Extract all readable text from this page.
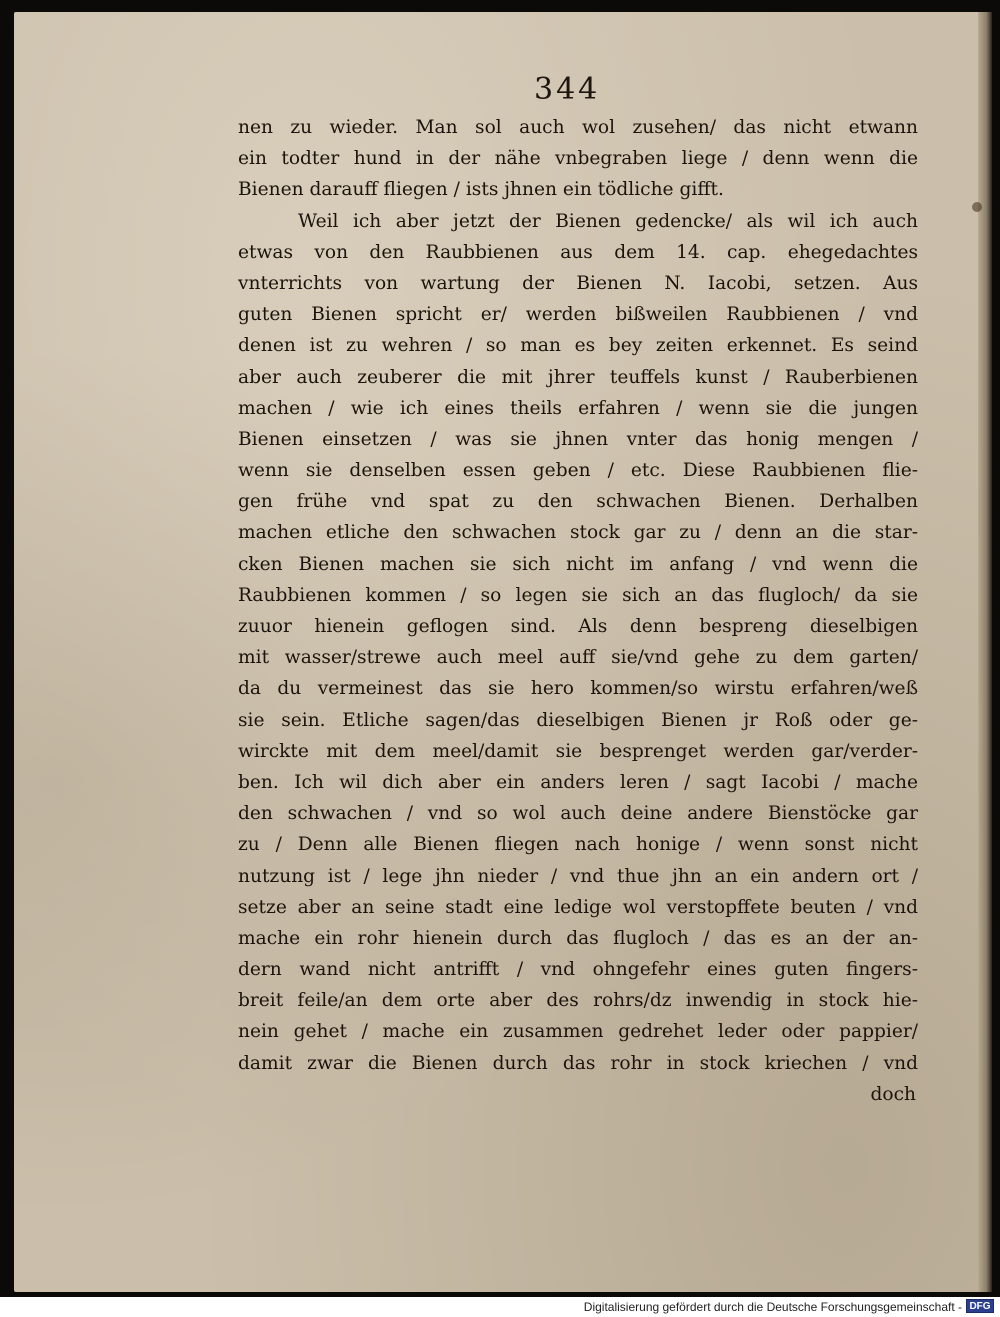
344
nen zu wieder. Man sol auch wol zusehen/ das nicht etwann
ein todter hund in der nähe vnbegraben liege / denn wenn die
Bienen darauff fliegen / ists jhnen ein tödliche gifft.
Weil ich aber jetzt der Bienen gedencke/ als wil ich auch
etwas von den Raubbienen aus dem 14. cap. ehegedachtes
vnterrichts von wartung der Bienen N. Iacobi, setzen. Aus
guten Bienen spricht er/ werden bißweilen Raubbienen / vnd
denen ist zu wehren / so man es bey zeiten erkennet. Es seind
aber auch zeuberer die mit jhrer teuffels kunst / Rauberbienen
machen / wie ich eines theils erfahren / wenn sie die jungen
Bienen einsetzen / was sie jhnen vnter das honig mengen /
wenn sie denselben essen geben / etc. Diese Raubbienen flie-
gen frühe vnd spat zu den schwachen Bienen. Derhalben
machen etliche den schwachen stock gar zu / denn an die star-
cken Bienen machen sie sich nicht im anfang / vnd wenn die
Raubbienen kommen / so legen sie sich an das flugloch/ da sie
zuuor hienein geflogen sind. Als denn bespreng dieselbigen
mit wasser/strewe auch meel auff sie/vnd gehe zu dem garten/
da du vermeinest das sie hero kommen/so wirstu erfahren/weß
sie sein. Etliche sagen/das dieselbigen Bienen jr Roß oder ge-
wirckte mit dem meel/damit sie besprenget werden gar/verder-
ben. Ich wil dich aber ein anders leren / sagt Iacobi / mache
den schwachen / vnd so wol auch deine andere Bienstöcke gar
zu / Denn alle Bienen fliegen nach honige / wenn sonst nicht
nutzung ist / lege jhn nieder / vnd thue jhn an ein andern ort /
setze aber an seine stadt eine ledige wol verstopffete beuten / vnd
mache ein rohr hienein durch das flugloch / das es an der an-
dern wand nicht antrifft / vnd ohngefehr eines guten fingers-
breit feile/an dem orte aber des rohrs/dz inwendig in stock hie-
nein gehet / mache ein zusammen gedrehet leder oder pappier/
damit zwar die Bienen durch das rohr in stock kriechen / vnd
doch
Digitalisierung gefördert durch die Deutsche Forschungsgemeinschaft - DFG
